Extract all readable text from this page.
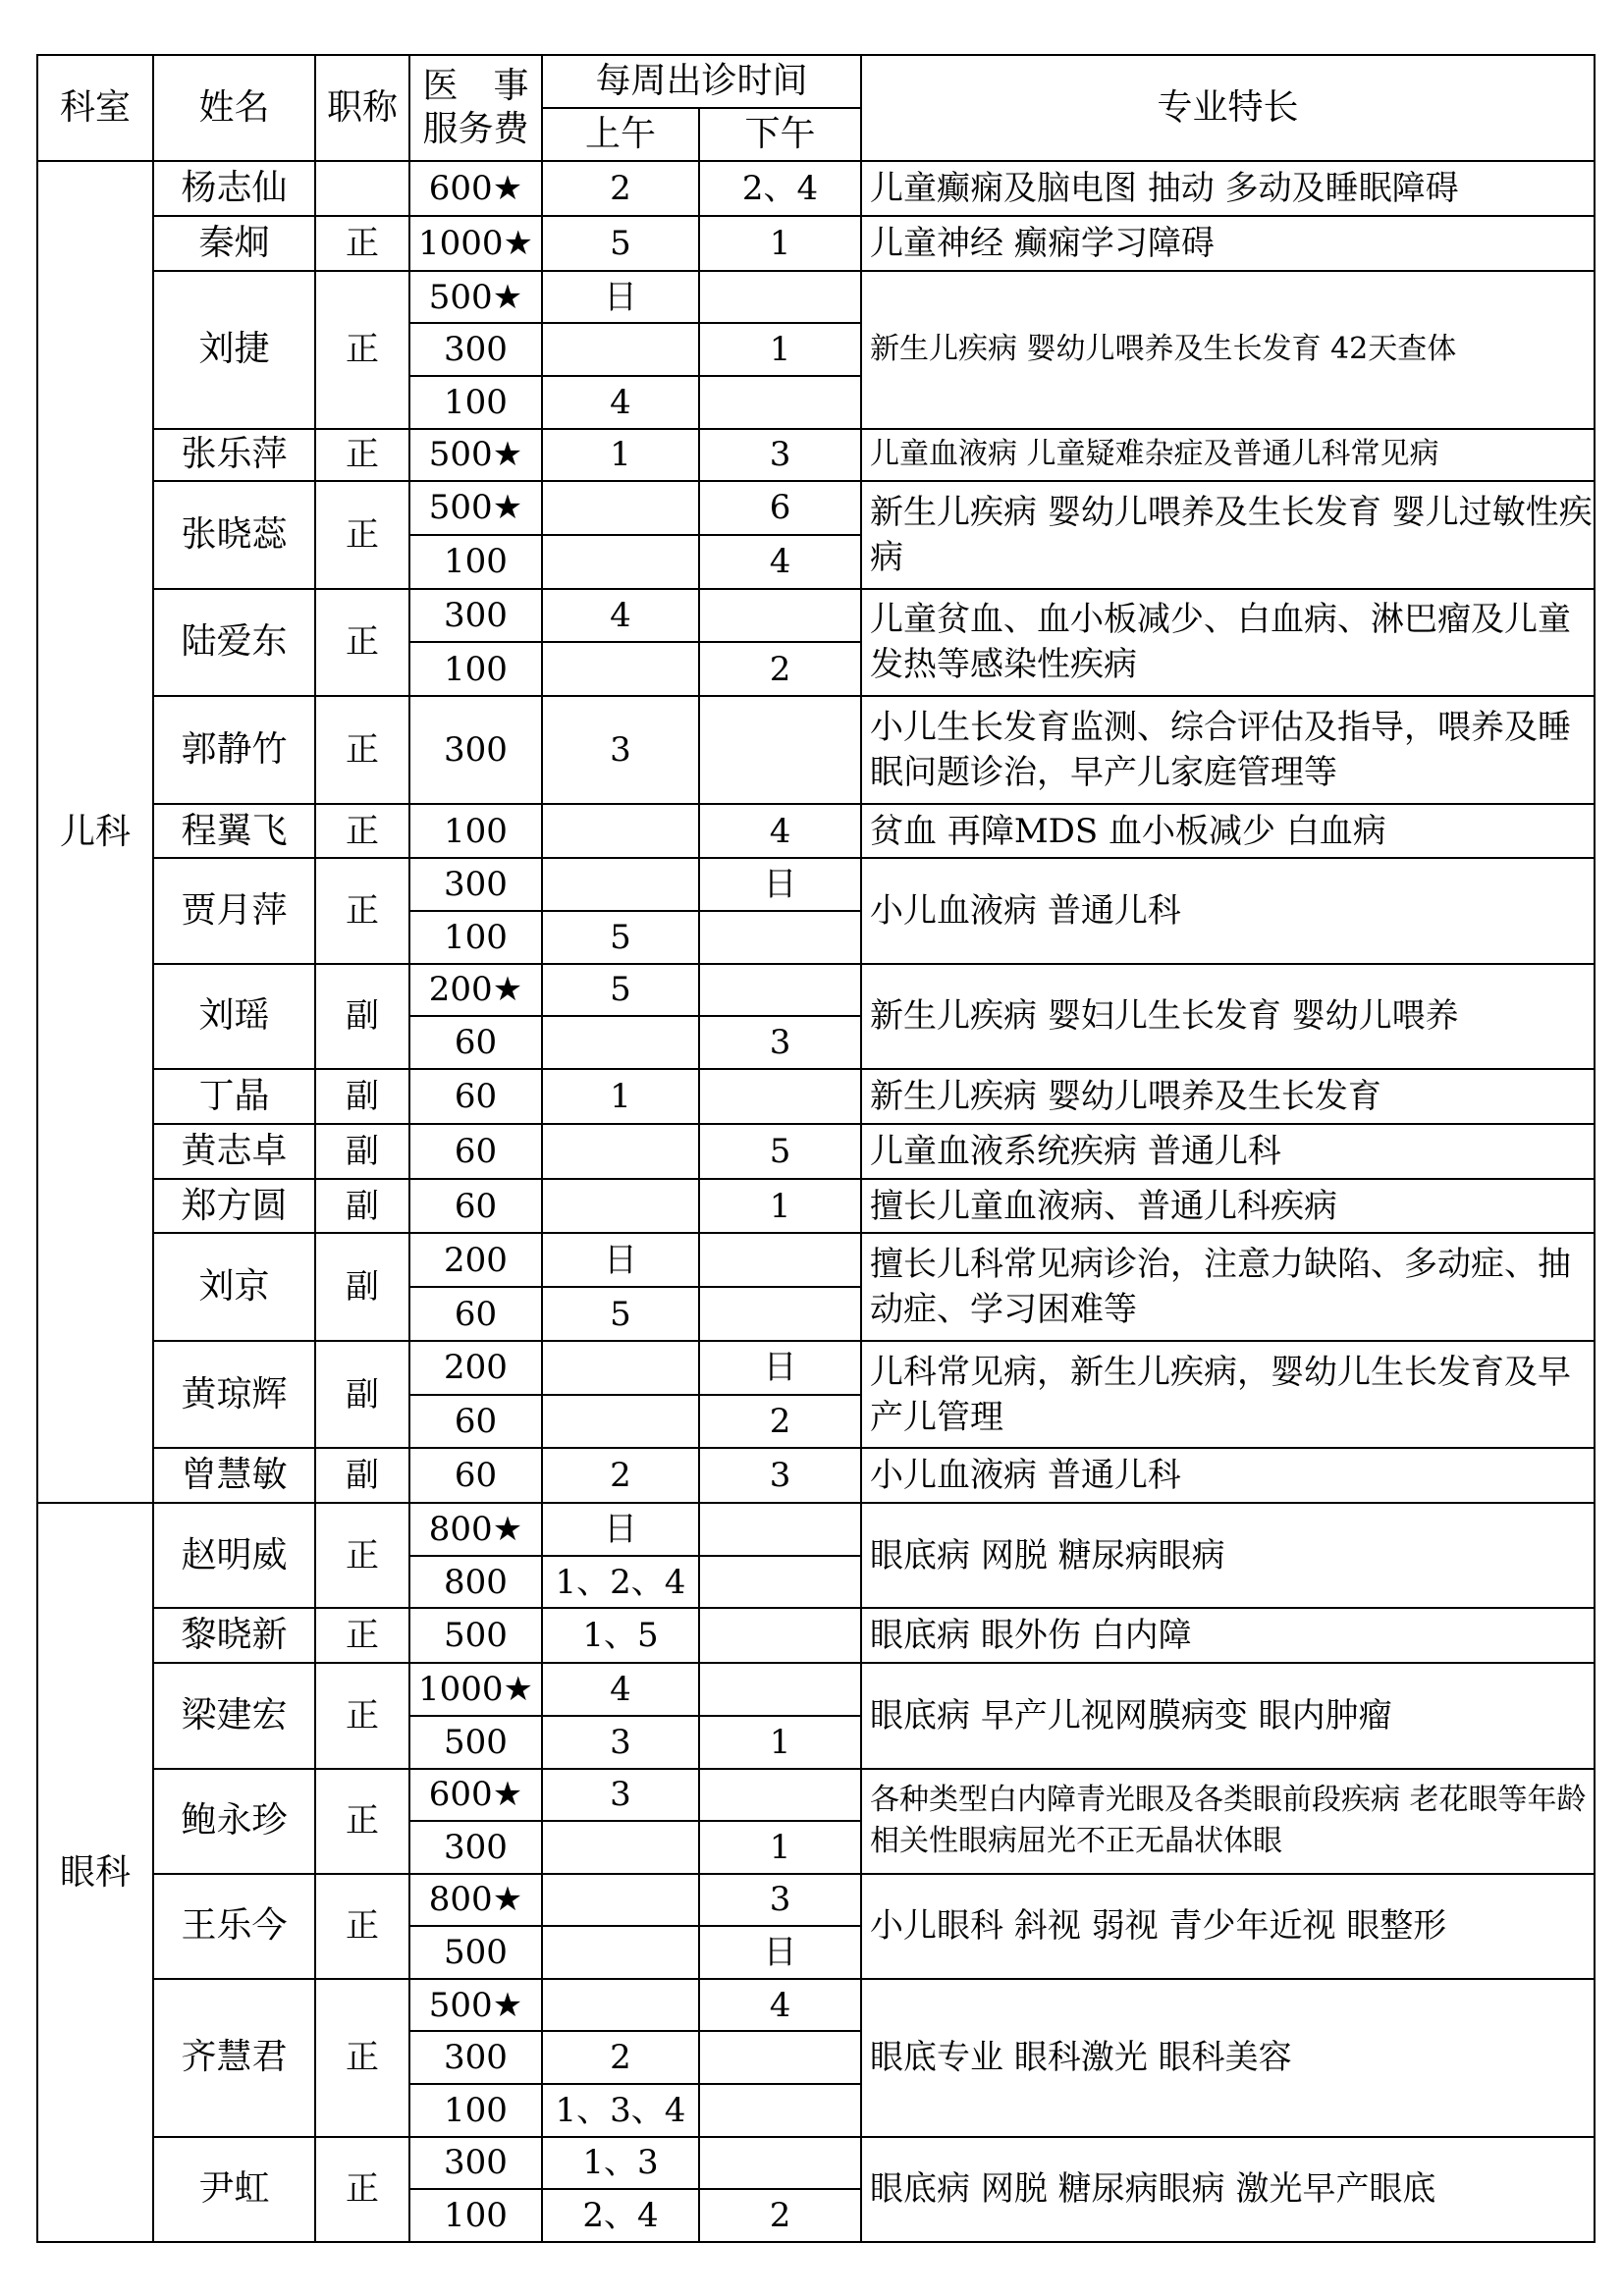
科室	姓名	职称	医　事
服务费	每周出诊时间		专业特长
				上午	下午	
儿科	杨志仙		600★	2	2、4	儿童癫痫及脑电图 抽动 多动及睡眠障碍
	秦炯	正	1000★	5	1	儿童神经 癫痫学习障碍
	刘捷	正	500★	日		新生儿疾病 婴幼儿喂养及生长发育 42天查体
			300		1	
			100	4		
	张乐萍	正	500★	1	3	儿童血液病 儿童疑难杂症及普通儿科常见病
	张晓蕊	正	500★		6	新生儿疾病 婴幼儿喂养及生长发育 婴儿过敏性疾病
			100		4	
	陆爱东	正	300	4		儿童贫血、血小板减少、白血病、淋巴瘤及儿童发热等感染性疾病
			100		2	
	郭静竹	正	300	3		小儿生长发育监测、综合评估及指导，喂养及睡眠问题诊治，早产儿家庭管理等
	程翼飞	正	100		4	贫血 再障MDS 血小板减少 白血病
	贾月萍	正	300		日	小儿血液病 普通儿科
			100	5		
	刘瑶	副	200★	5		新生儿疾病 婴妇儿生长发育 婴幼儿喂养
			60		3	
	丁晶	副	60	1		新生儿疾病 婴幼儿喂养及生长发育
	黄志卓	副	60		5	儿童血液系统疾病 普通儿科
	郑方圆	副	60		1	擅长儿童血液病、普通儿科疾病
	刘京	副	200	日		擅长儿科常见病诊治，注意力缺陷、多动症、抽动症、学习困难等
			60	5		
	黄琼辉	副	200		日	儿科常见病，新生儿疾病，婴幼儿生长发育及早产儿管理
			60		2	
	曾慧敏	副	60	2	3	小儿血液病 普通儿科
眼科	赵明威	正	800★	日		眼底病 网脱 糖尿病眼病
			800	1、2、4		
	黎晓新	正	500	1、5		眼底病 眼外伤 白内障
	梁建宏	正	1000★	4		眼底病 早产儿视网膜病变 眼内肿瘤
			500	3	1	
	鲍永珍	正	600★	3		各种类型白内障青光眼及各类眼前段疾病 老花眼等年龄相关性眼病屈光不正无晶状体眼
			300		1	
	王乐今	正	800★		3	小儿眼科 斜视 弱视 青少年近视 眼整形
			500		日	
	齐慧君	正	500★		4	眼底专业 眼科激光 眼科美容
			300	2		
			100	1、3、4		
	尹虹	正	300	1、3		眼底病 网脱 糖尿病眼病 激光早产眼底
			100	2、4	2	
